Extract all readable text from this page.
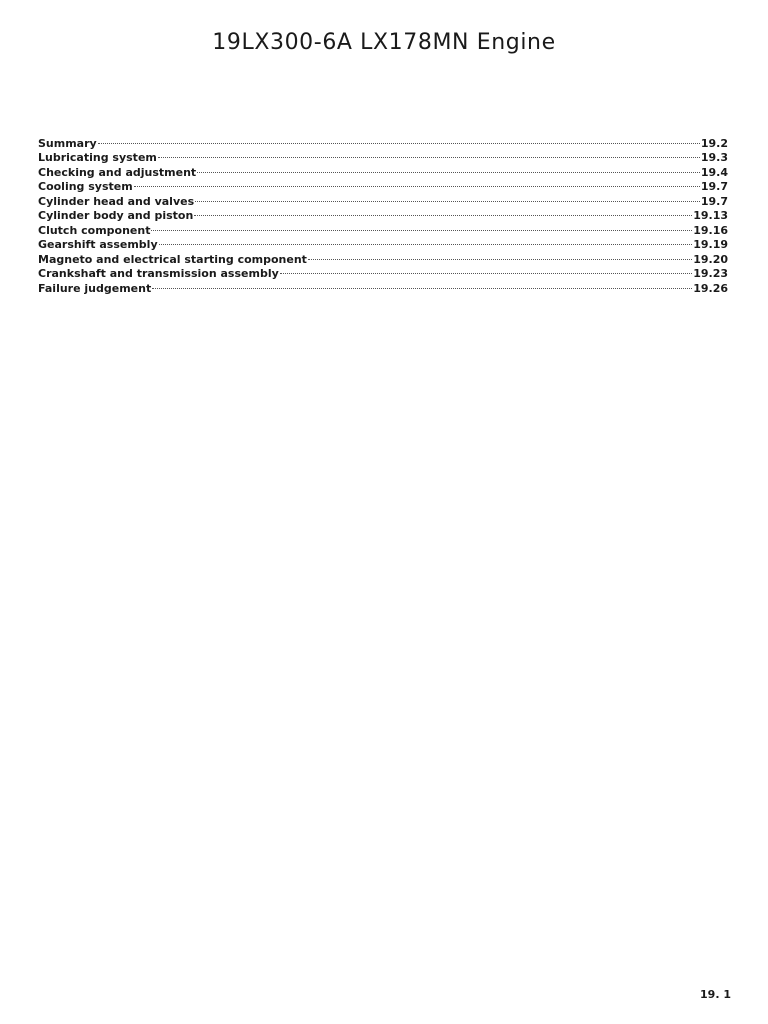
19LX300-6A LX178MN Engine
Summary	19.2
Lubricating system	19.3
Checking and adjustment	19.4
Cooling system	19.7
Cylinder head and valves	19.7
Cylinder body and piston	19.13
Clutch component	19.16
Gearshift assembly	19.19
Magneto and electrical starting component	19.20
Crankshaft and transmission assembly	19.23
Failure judgement	19.26
19. 1
